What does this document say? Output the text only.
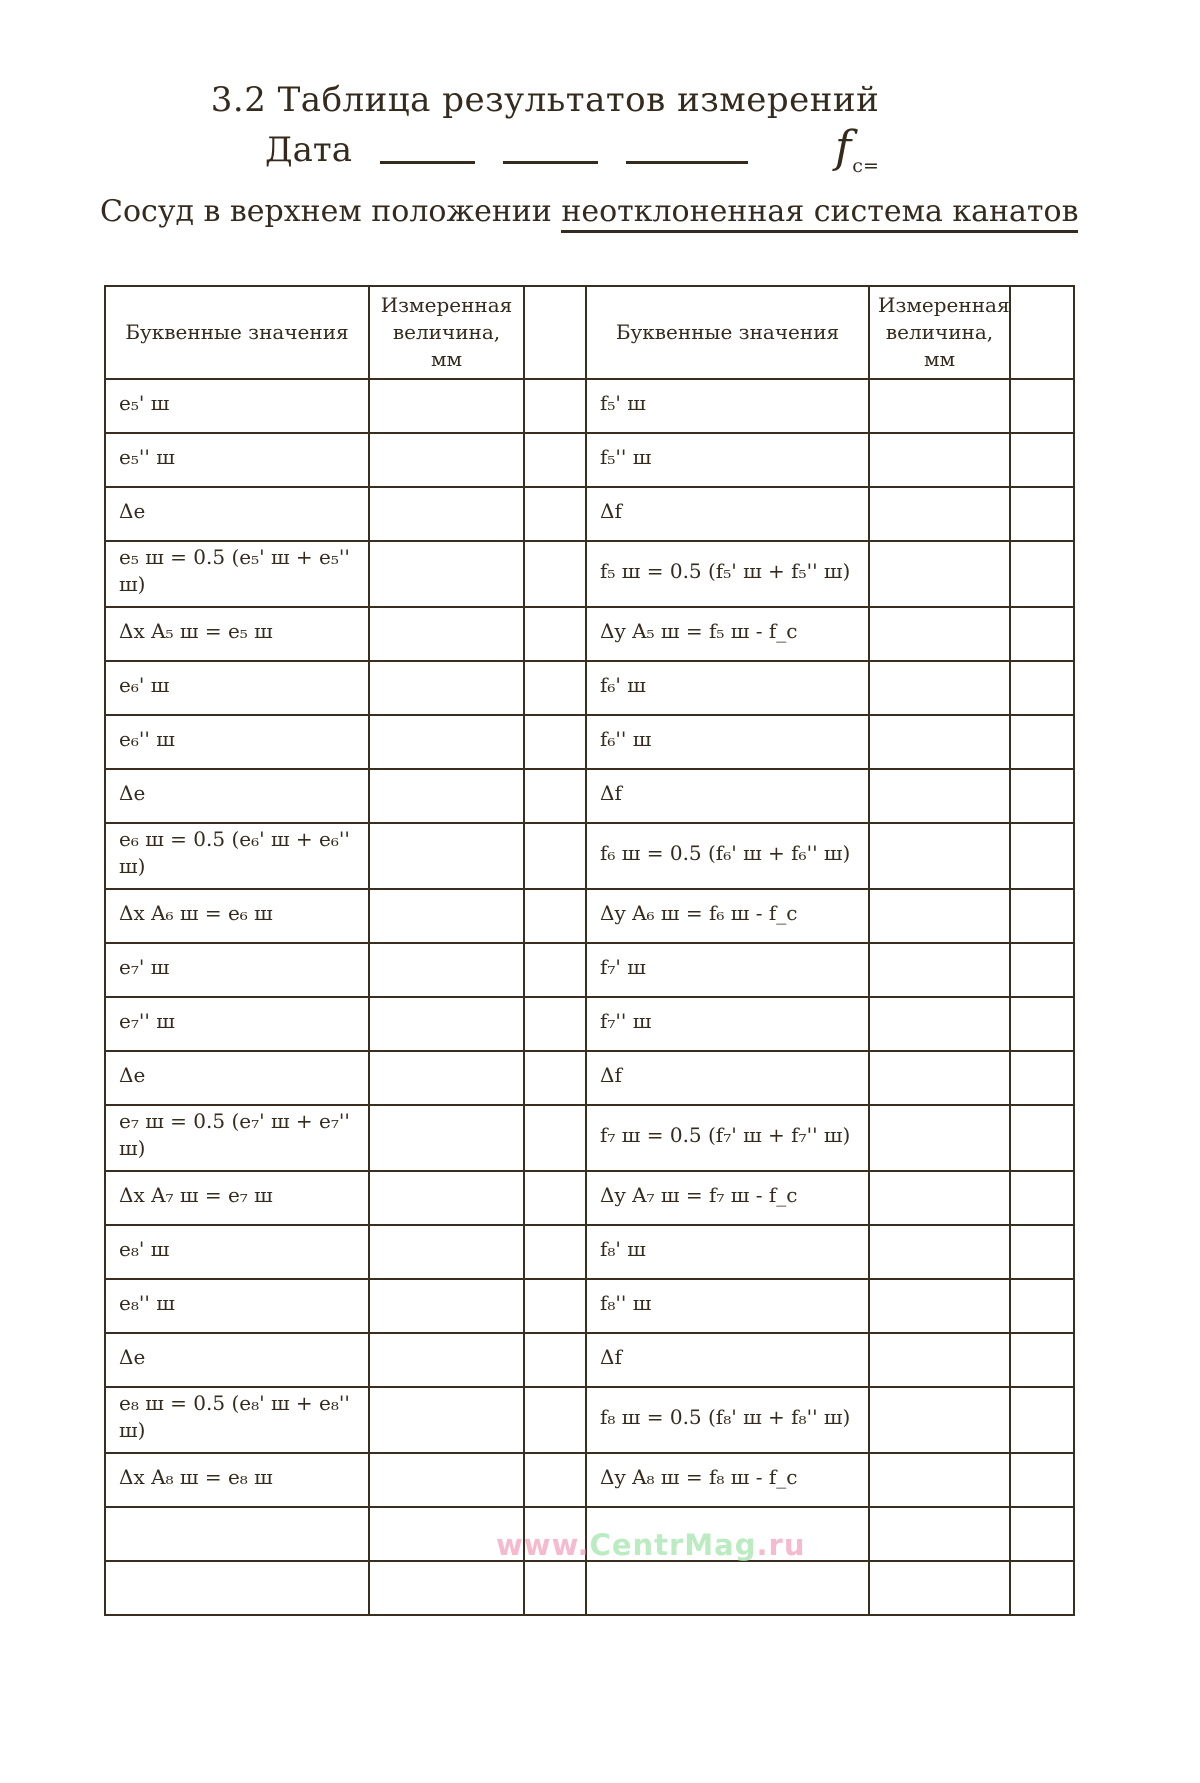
3.2 Таблица результатов измерений
Дата	$f_{c=}$
Сосуд в верхнем положении неотклоненная система канатов
Буквенные значения	Измеренная величина, мм		Буквенные значения	Измеренная величина, мм	
e₅' ш			f₅' ш		
e₅'' ш			f₅'' ш		
Δe			Δf		
e₅ ш = 0.5 (e₅' ш + e₅'' ш)			f₅ ш = 0.5 (f₅' ш + f₅'' ш)		
Δx A₅ ш = e₅ ш			Δy A₅ ш = f₅ ш - f_c		
e₆' ш			f₆' ш		
e₆'' ш			f₆'' ш		
Δe			Δf		
e₆ ш = 0.5 (e₆' ш + e₆'' ш)			f₆ ш = 0.5 (f₆' ш + f₆'' ш)		
Δx A₆ ш = e₆ ш			Δy A₆ ш = f₆ ш - f_c		
e₇' ш			f₇' ш		
e₇'' ш			f₇'' ш		
Δe			Δf		
e₇ ш = 0.5 (e₇' ш + e₇'' ш)			f₇ ш = 0.5 (f₇' ш + f₇'' ш)		
Δx A₇ ш = e₇ ш			Δy A₇ ш = f₇ ш - f_c		
e₈' ш			f₈' ш		
e₈'' ш			f₈'' ш		
Δe			Δf		
e₈ ш = 0.5 (e₈' ш + e₈'' ш)			f₈ ш = 0.5 (f₈' ш + f₈'' ш)		
Δx A₈ ш = e₈ ш			Δy A₈ ш = f₈ ш - f_c		

www.CentrMag.ru
